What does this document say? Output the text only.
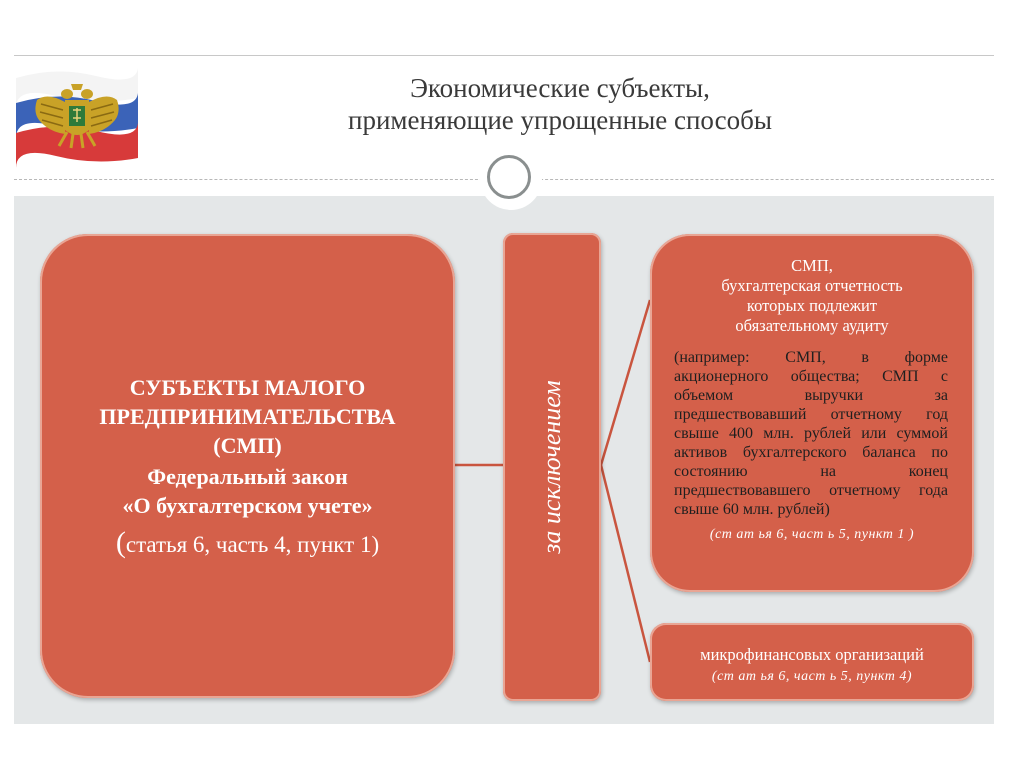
Экономические субъекты,
применяющие упрощенные способы
СУБЪЕКТЫ МАЛОГО
ПРЕДПРИНИМАТЕЛЬСТВА
(СМП)
Федеральный закон
«О бухгалтерском учете»
(статья 6, часть 4, пункт 1)	за исключением
СМП,
бухгалтерская отчетность
которых подлежит
обязательному аудиту
(например: СМП, в форме акционерного общества; СМП с объемом выручки за предшествовавший отчетному год свыше 400 млн. рублей или суммой активов бухгалтерского баланса по состоянию на конец предшествовавшего отчетному года свыше 60 млн. рублей)
(ст ат ья 6, част ь 5, пункт 1 )
микрофинансовых организаций
(ст ат ья 6, част ь 5, пункт 4)
